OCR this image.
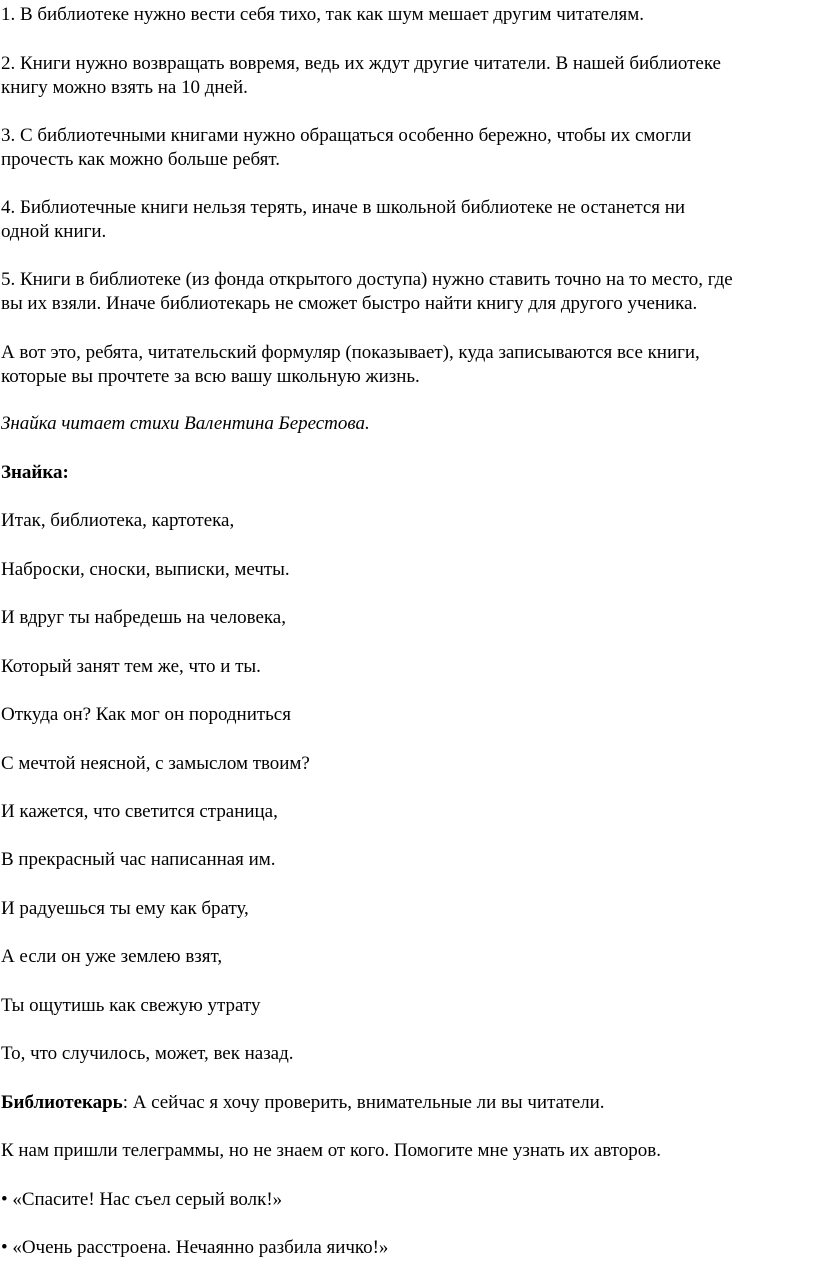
1. В библиотеке нужно вести себя тихо, так как шум мешает другим читателям.
2. Книги нужно возвращать вовремя, ведь их ждут другие читатели. В нашей библиотеке
книгу можно взять на 10 дней.
3. С библиотечными книгами нужно обращаться особенно бережно, чтобы их смогли
прочесть как можно больше ребят.
4. Библиотечные книги нельзя терять, иначе в школьной библиотеке не останется ни
одной книги.
5. Книги в библиотеке (из фонда открытого доступа) нужно ставить точно на то место, где
вы их взяли. Иначе библиотекарь не сможет быстро найти книгу для другого ученика.
А вот это, ребята, читательский формуляр (показывает), куда записываются все книги,
которые вы прочтете за всю вашу школьную жизнь.
Знайка читает стихи Валентина Берестова.
Знайка:
Итак, библиотека, картотека,
Наброски, сноски, выписки, мечты.
И вдруг ты набредешь на человека,
Который занят тем же, что и ты.
Откуда он? Как мог он породниться
С мечтой неясной, с замыслом твоим?
И кажется, что светится страница,
В прекрасный час написанная им.
И радуешься ты ему как брату,
А если он уже землею взят,
Ты ощутишь как свежую утрату
То, что случилось, может, век назад.
Библиотекарь: А сейчас я хочу проверить, внимательные ли вы читатели.
К нам пришли телеграммы, но не знаем от кого. Помогите мне узнать их авторов.
• «Спасите! Нас съел серый волк!»
• «Очень расстроена. Нечаянно разбила яичко!»
